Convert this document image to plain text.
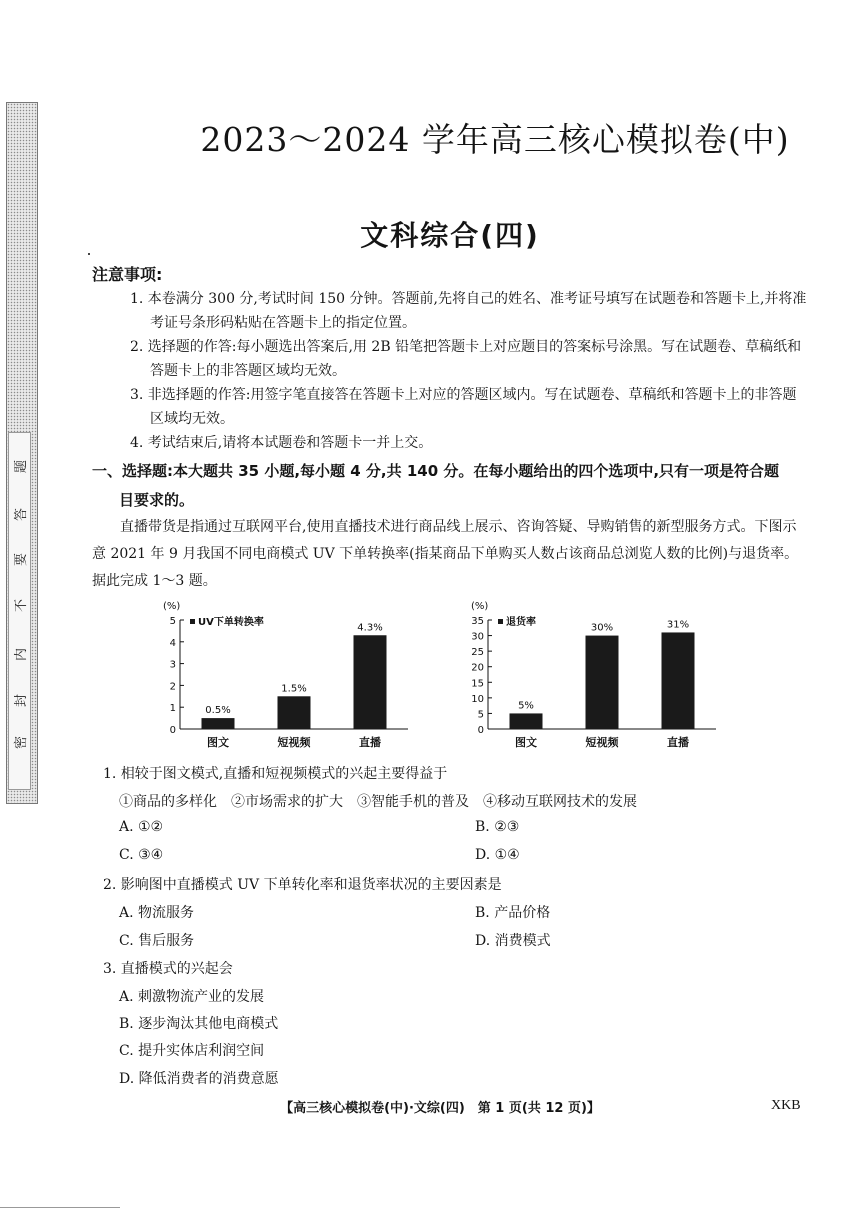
密
封
内
不
要
答
题
2023～2024 学年高三核心模拟卷(中)
文科综合(四)
注意事项:
1. 本卷满分 300 分,考试时间 150 分钟。答题前,先将自己的姓名、准考证号填写在试题卷和答题卡上,并将准考证号条形码粘贴在答题卡上的指定位置。
2. 选择题的作答:每小题选出答案后,用 2B 铅笔把答题卡上对应题目的答案标号涂黑。写在试题卷、草稿纸和答题卡上的非答题区域均无效。
3. 非选择题的作答:用签字笔直接答在答题卡上对应的答题区域内。写在试题卷、草稿纸和答题卡上的非答题区域均无效。
4. 考试结束后,请将本试题卷和答题卡一并上交。
一、选择题:本大题共 35 小题,每小题 4 分,共 140 分。在每小题给出的四个选项中,只有一项是符合题
目要求的。
直播带货是指通过互联网平台,使用直播技术进行商品线上展示、咨询答疑、导购销售的新型服务方式。下图示意 2021 年 9 月我国不同电商模式 UV 下单转换率(指某商品下单购买人数占该商品总浏览人数的比例)与退货率。据此完成 1～3 题。
(%)
0
1
2
3
4
5 UV下单转换率
0.5%
图文
1.5%
短视频
4.3%
直播
(%)
0
5
10
15
20
25
30
35 退货率
5%
图文
30%
短视频
31%
直播
1. 相较于图文模式,直播和短视频模式的兴起主要得益于
①商品的多样化　②市场需求的扩大　③智能手机的普及　④移动互联网技术的发展
A. ①②	B. ②③
C. ③④	D. ①④
2. 影响图中直播模式 UV 下单转化率和退货率状况的主要因素是
A. 物流服务	B. 产品价格
C. 售后服务	D. 消费模式
3. 直播模式的兴起会
A. 刺激物流产业的发展
B. 逐步淘汰其他电商模式
C. 提升实体店利润空间
D. 降低消费者的消费意愿
【高三核心模拟卷(中)·文综(四)　第 1 页(共 12 页)】	XKB
